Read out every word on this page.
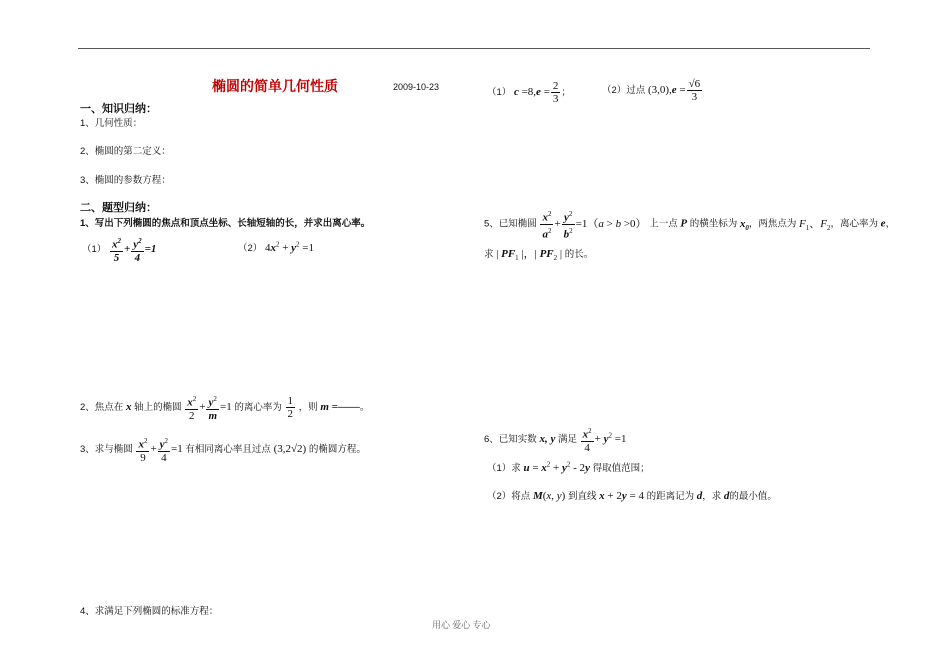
椭圆的简单几何性质	2009-10-23
一、知识归纳：
1、几何性质：
2、椭圆的第二定义：
3、椭圆的参数方程：
二、题型归纳：
1、写出下列椭圆的焦点和顶点坐标、长轴短轴的长，并求出离心率。
$(1) \frac{x^2}{5} + \frac{y^2}{4} =1$	（2） $4x^2 + y^2 =1$
2、焦点在 x 轴上的椭圆 $\frac{x^2}{2} + \frac{y^2}{m} =1$ 的离心率为 $\frac{1}{2}$ ，则 m =——。
3、求与椭圆 $\frac{x^2}{9} + \frac{y^2}{4} =1$ 有相同离心率且过点 (3,2√2) 的椭圆方程。
4、求满足下列椭圆的标准方程：
（1） $c =8,e = \frac{2}{3}$ ；	（2）过点 $(3,0),e = \frac{√6}{3}$
5、已知椭圆 $\frac{x^2}{a^2} + \frac{y^2}{b^2} =1(a > b >0)$ 上一点 P 的横坐标为 $x_0$，两焦点为 $F_1$、$F_2$，离心率为 e，
求 | $PF_1$ |，| $PF_2$ | 的长。
6、已知实数 x, y 满足 $\frac{x^2}{4} + y^2 =1$
（1）求 $u = x^2 + y^2 - 2y$ 得取值范围；
（2）将点 M(x, y) 到直线 x + 2y = 4 的距离记为 d，求 d的最小值。
用心 爱心 专心
